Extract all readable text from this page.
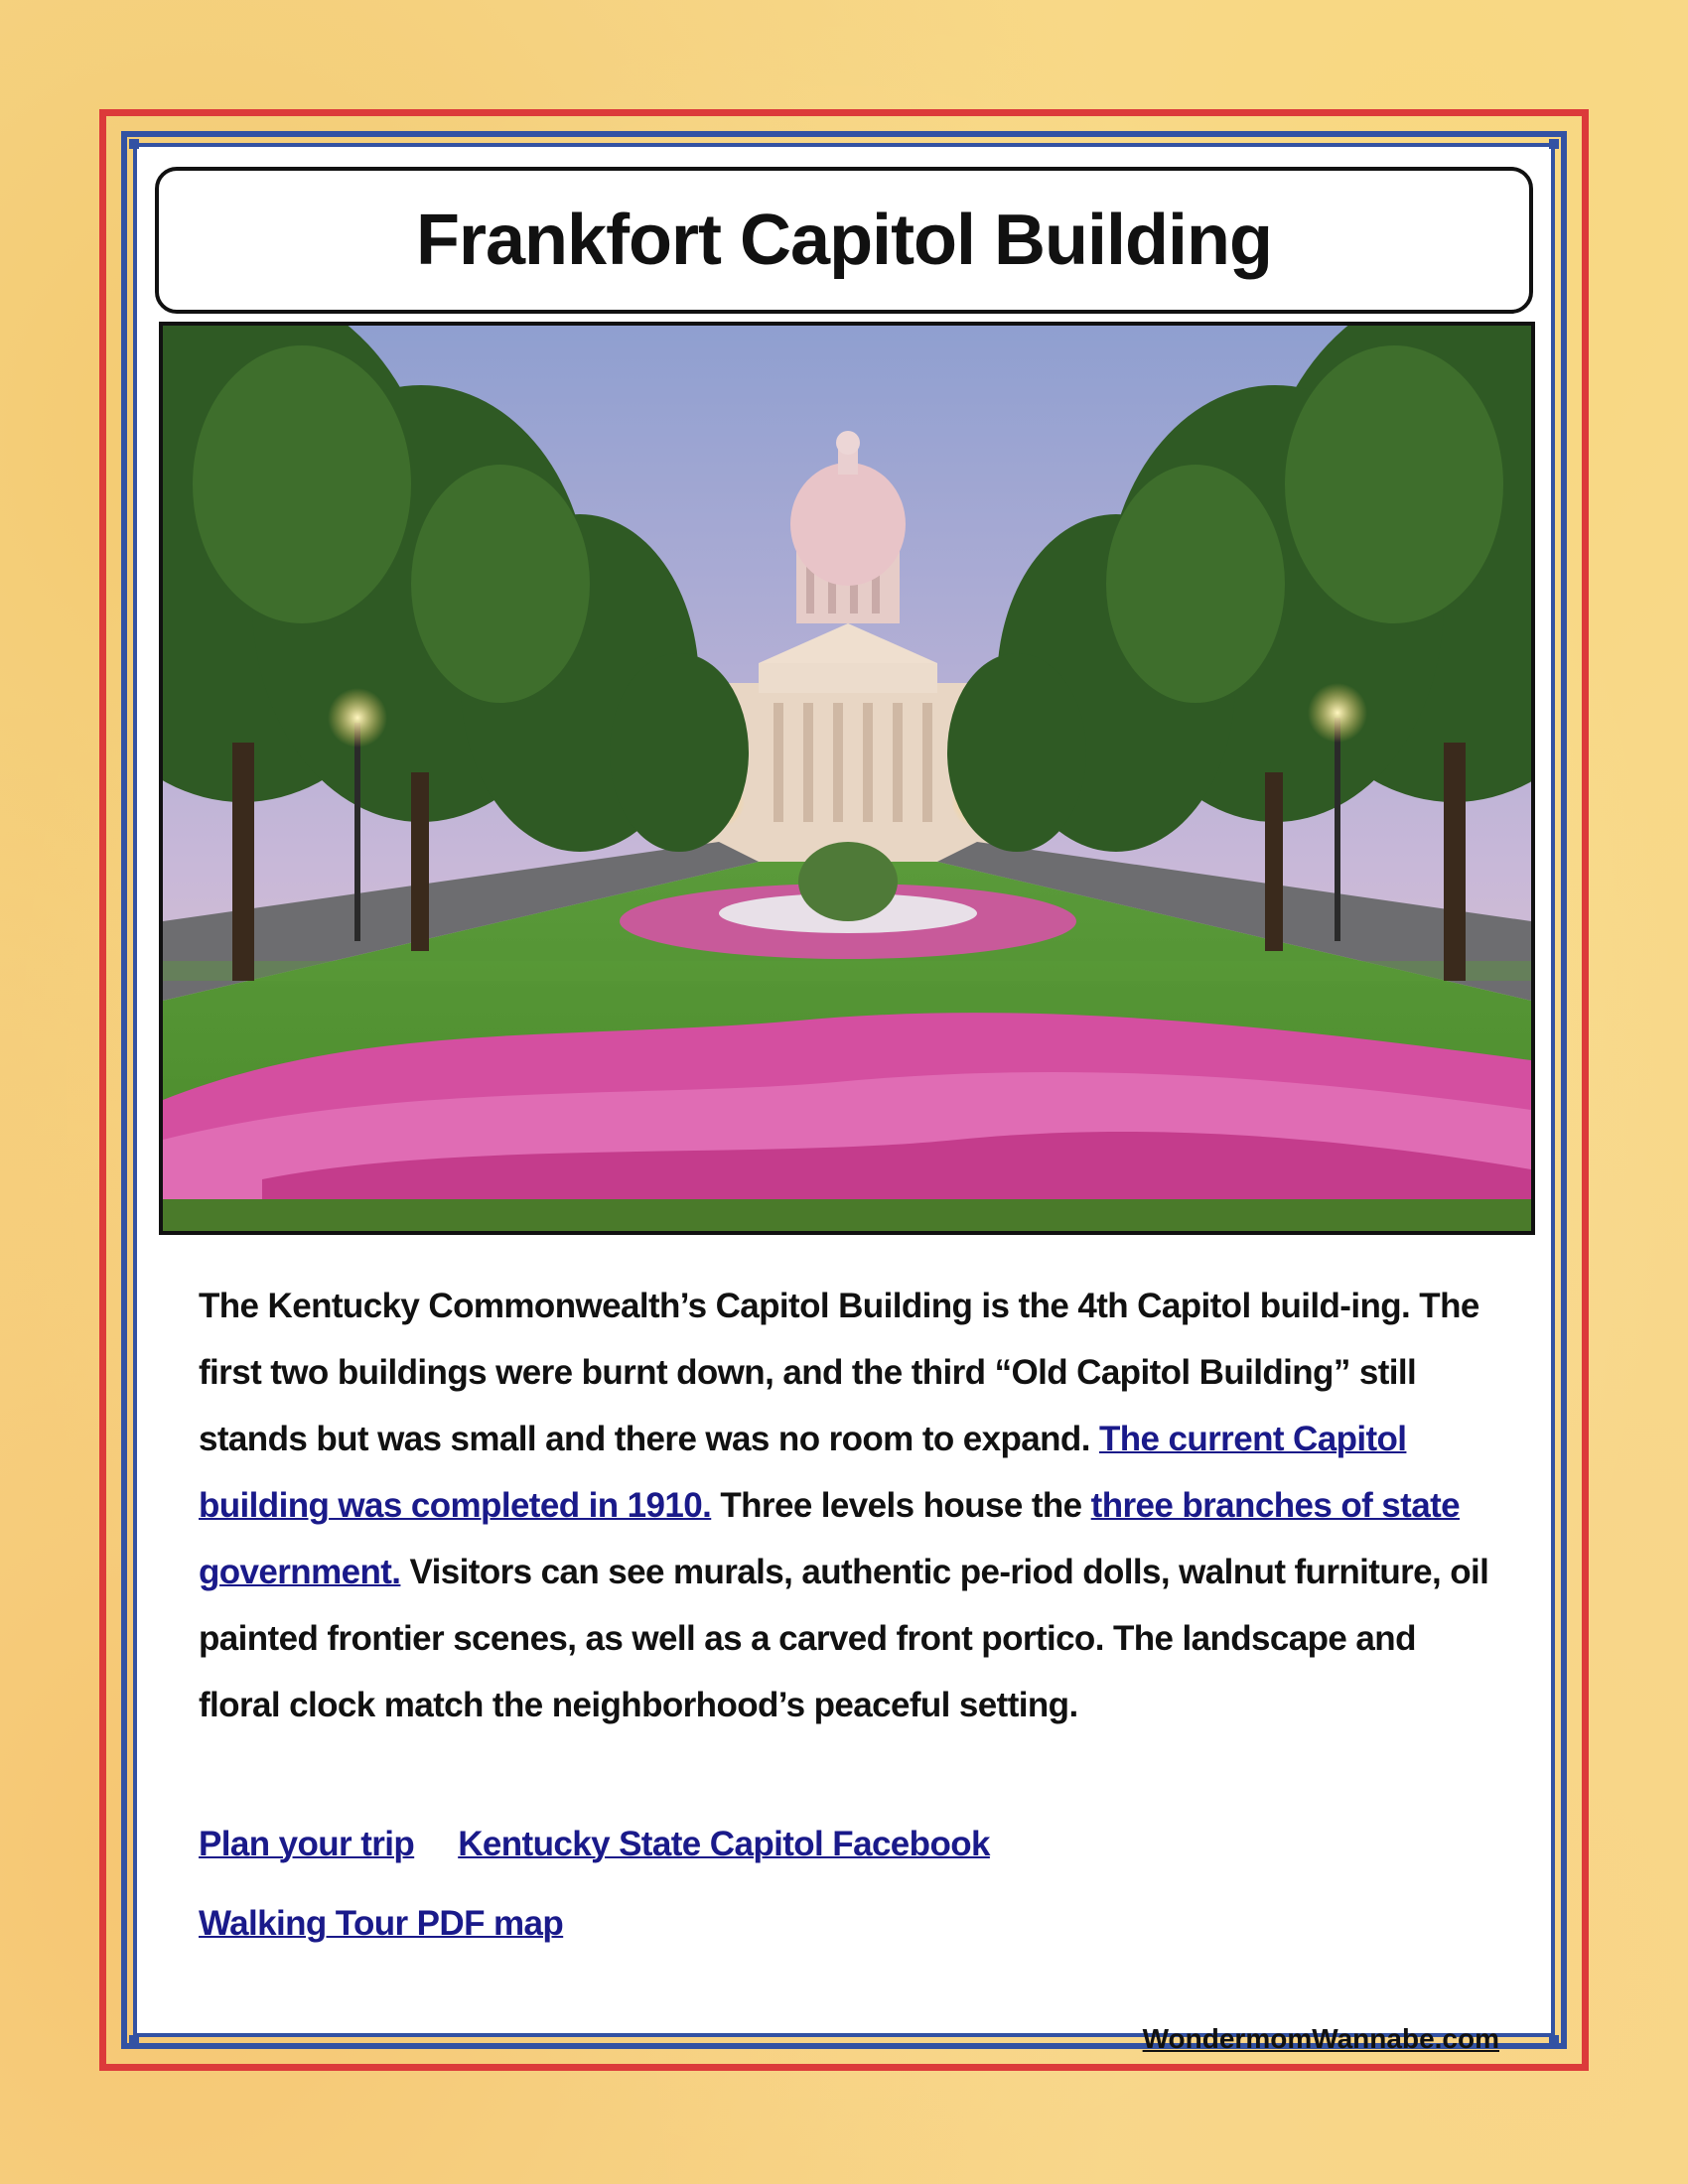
Frankfort Capitol Building
The Kentucky Commonwealth’s Capitol Building is the 4th Capitol build-ing. The first two buildings were burnt down, and the third “Old Capitol Building” still stands but was small and there was no room to expand. The current Capitol building was completed in 1910. Three levels house the three branches of state government. Visitors can see murals, authentic pe-riod dolls, walnut furniture, oil painted frontier scenes, as well as a carved front portico. The landscape and floral clock match the neighborhood’s peaceful setting.
Plan your trip Kentucky State Capitol Facebook
Walking Tour PDF map
WondermomWannabe.com
